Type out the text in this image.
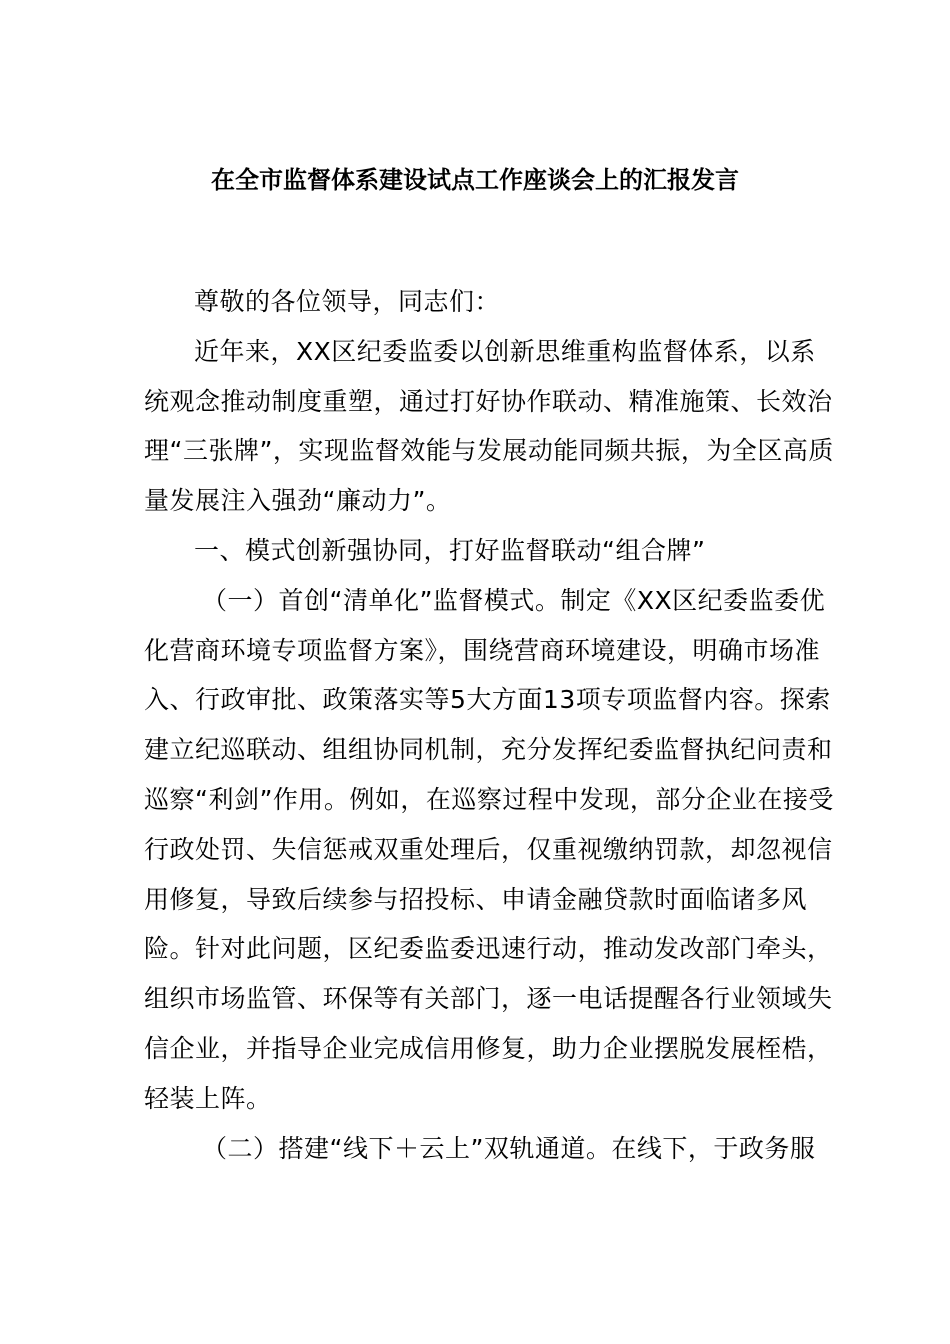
在全市监督体系建设试点工作座谈会上的汇报发言

尊敬的各位领导，同志们：

近年来，XX区纪委监委以创新思维重构监督体系，以系统观念推动制度重塑，通过打好协作联动、精准施策、长效治理“三张牌”，实现监督效能与发展动能同频共振，为全区高质量发展注入强劲“廉动力”。

一、模式创新强协同，打好监督联动“组合牌”

（一）首创“清单化”监督模式。制定《XX区纪委监委优化营商环境专项监督方案》，围绕营商环境建设，明确市场准入、行政审批、政策落实等5大方面13项专项监督内容。探索建立纪巡联动、组组协同机制，充分发挥纪委监督执纪问责和巡察“利剑”作用。例如，在巡察过程中发现，部分企业在接受行政处罚、失信惩戒双重处理后，仅重视缴纳罚款，却忽视信用修复，导致后续参与招投标、申请金融贷款时面临诸多风险。针对此问题，区纪委监委迅速行动，推动发改部门牵头，组织市场监管、环保等有关部门，逐一电话提醒各行业领域失信企业，并指导企业完成信用修复，助力企业摆脱发展桎梏，轻装上阵。

（二）搭建“线下＋云上”双轨通道。在线下，于政务服
